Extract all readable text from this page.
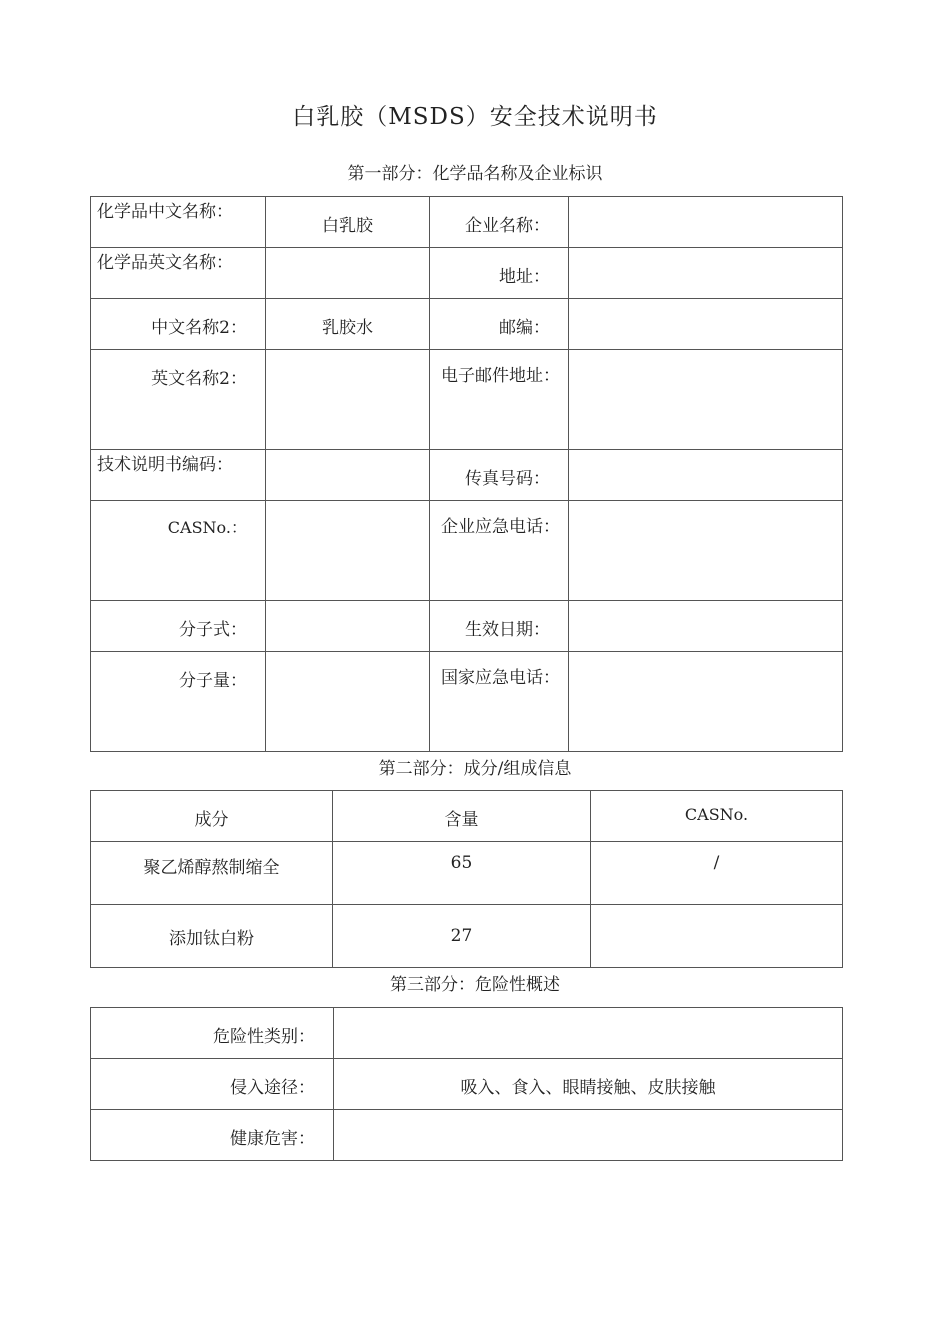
白乳胶（MSDS）安全技术说明书
第一部分：化学品名称及企业标识
化学品中文名称：	白乳胶	企业名称：	

化学品英文名称：		地址：	
中文名称2：	乳胶水	邮编：	
英文名称2：		电子邮件地址：	

技术说明书编码：		传真号码：	
CASNo.：		企业应急电话：	
分子式：		生效日期：	
分子量：		国家应急电话：	
第二部分：成分/组成信息
成分	含量	CASNo.
聚乙烯醇熬制缩全	65	/
添加钛白粉	27	
第三部分：危险性概述
危险性类别：	
侵入途径：	吸入、食入、眼睛接触、皮肤接触
健康危害：	
